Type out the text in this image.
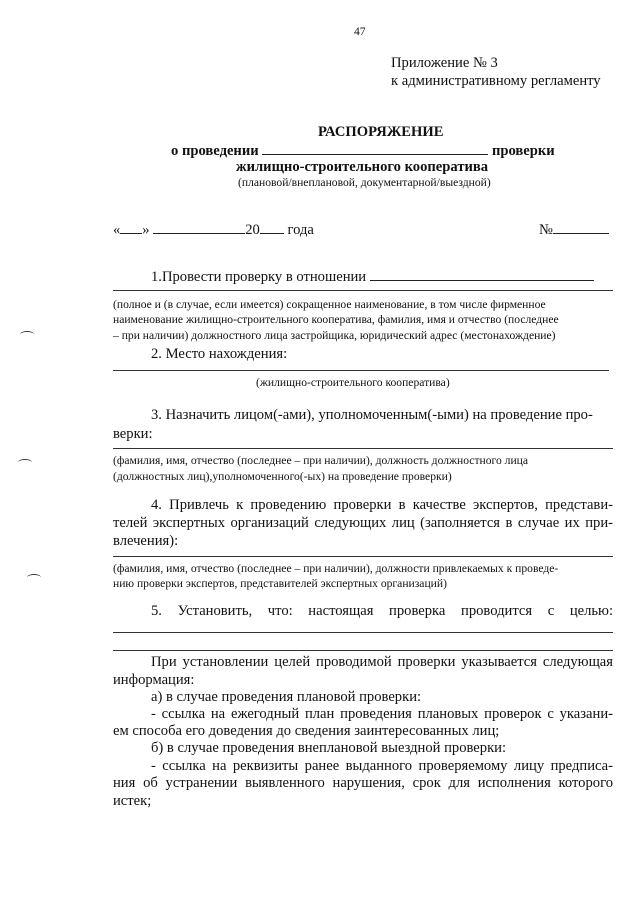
47
Приложение № 3
к административному регламенту
РАСПОРЯЖЕНИЕ
о проведении	проверки
жилищно-строительного кооператива
(плановой/внеплановой, документарной/выездной)
« »	20 года	№
1.Провести проверку в отношении
(полное и (в случае, если имеется) сокращенное наименование, в том числе фирменное
наименование жилищно-строительного кооператива, фамилия, имя и отчество (последнее
– при наличии) должностного лица застройщика, юридический адрес (местонахождение)
2. Место нахождения:
(жилищно-строительного кооператива)
3. Назначить лицом(-ами), уполномоченным(-ыми) на проведение про-
верки:
(фамилия, имя, отчество (последнее – при наличии), должность должностного лица
(должностных лиц),уполномоченного(-ых) на проведение проверки)
4. Привлечь к проведению проверки в качестве экспертов, представи-
телей экспертных организаций следующих лиц (заполняется в случае их при-
влечения):
(фамилия, имя, отчество (последнее – при наличии), должности привлекаемых к проведе-
нию проверки экспертов, представителей экспертных организаций)
5. Установить, что: настоящая проверка проводится с целью:
При установлении целей проводимой проверки указывается следующая
информация:
а) в случае проведения плановой проверки:
- ссылка на ежегодный план проведения плановых проверок с указани-
ем способа его доведения до сведения заинтересованных лиц;
б) в случае проведения внеплановой выездной проверки:
- ссылка на реквизиты ранее выданного проверяемому лицу предписа-
ния об устранении выявленного нарушения, срок для исполнения которого
истек;
